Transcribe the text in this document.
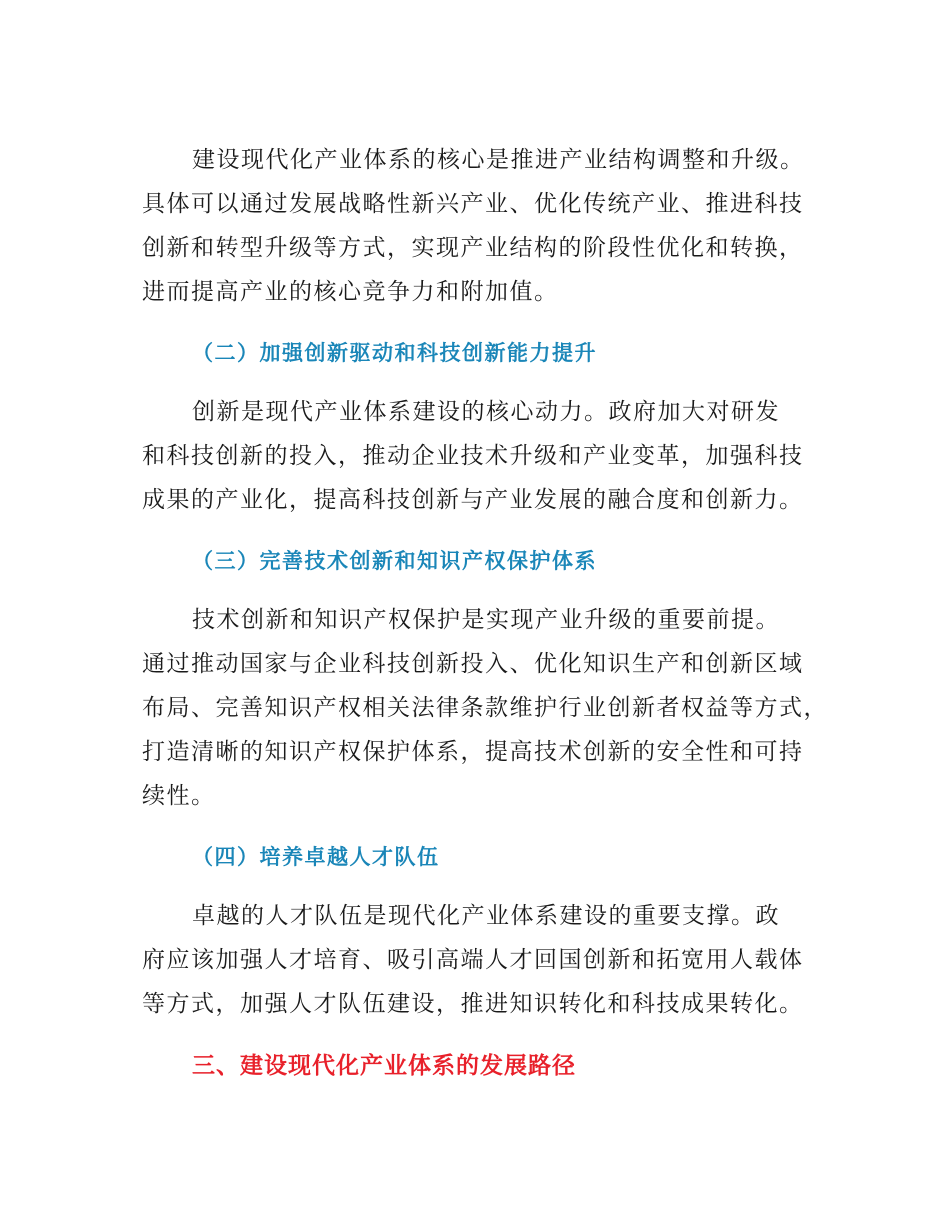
建设现代化产业体系的核心是推进产业结构调整和升级。
具体可以通过发展战略性新兴产业、优化传统产业、推进科技
创新和转型升级等方式，实现产业结构的阶段性优化和转换，
进而提高产业的核心竞争力和附加值。

（二）加强创新驱动和科技创新能力提升

创新是现代产业体系建设的核心动力。政府加大对研发
和科技创新的投入，推动企业技术升级和产业变革，加强科技
成果的产业化，提高科技创新与产业发展的融合度和创新力。

（三）完善技术创新和知识产权保护体系

技术创新和知识产权保护是实现产业升级的重要前提。
通过推动国家与企业科技创新投入、优化知识生产和创新区域
布局、完善知识产权相关法律条款维护行业创新者权益等方式，
打造清晰的知识产权保护体系，提高技术创新的安全性和可持
续性。

（四）培养卓越人才队伍

卓越的人才队伍是现代化产业体系建设的重要支撑。政
府应该加强人才培育、吸引高端人才回国创新和拓宽用人载体
等方式，加强人才队伍建设，推进知识转化和科技成果转化。

三、建设现代化产业体系的发展路径
